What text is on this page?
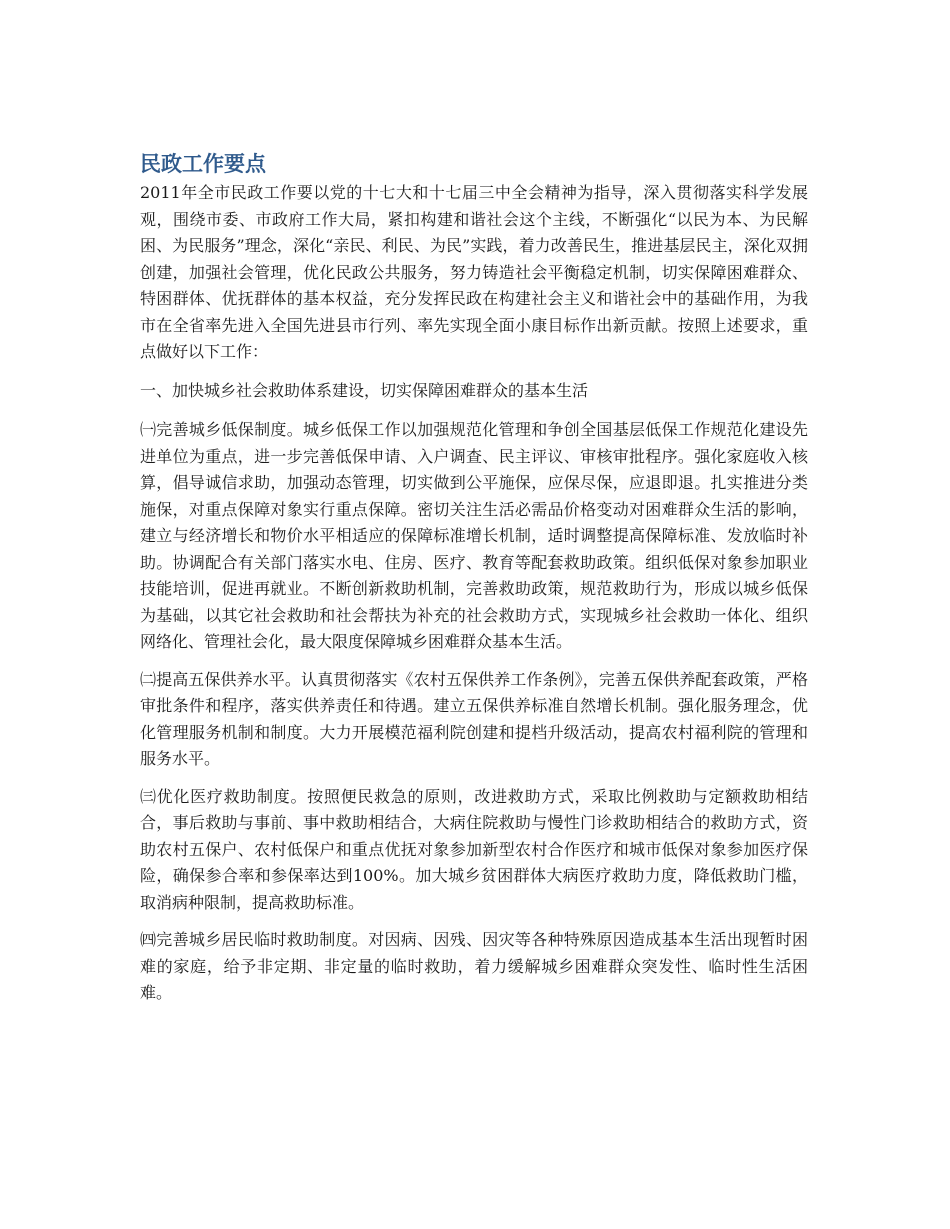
民政工作要点

2011年全市民政工作要以党的十七大和十七届三中全会精神为指导，深入贯彻落实科学发展观，围绕市委、市政府工作大局，紧扣构建和谐社会这个主线，不断强化“以民为本、为民解困、为民服务”理念，深化“亲民、利民、为民”实践，着力改善民生，推进基层民主，深化双拥创建，加强社会管理，优化民政公共服务，努力铸造社会平衡稳定机制，切实保障困难群众、特困群体、优抚群体的基本权益，充分发挥民政在构建社会主义和谐社会中的基础作用，为我市在全省率先进入全国先进县市行列、率先实现全面小康目标作出新贡献。按照上述要求，重点做好以下工作：

一、加快城乡社会救助体系建设，切实保障困难群众的基本生活

㈠完善城乡低保制度。城乡低保工作以加强规范化管理和争创全国基层低保工作规范化建设先进单位为重点，进一步完善低保申请、入户调查、民主评议、审核审批程序。强化家庭收入核算，倡导诚信求助，加强动态管理，切实做到公平施保，应保尽保，应退即退。扎实推进分类施保，对重点保障对象实行重点保障。密切关注生活必需品价格变动对困难群众生活的影响，建立与经济增长和物价水平相适应的保障标准增长机制，适时调整提高保障标准、发放临时补助。协调配合有关部门落实水电、住房、医疗、教育等配套救助政策。组织低保对象参加职业技能培训，促进再就业。不断创新救助机制，完善救助政策，规范救助行为，形成以城乡低保为基础，以其它社会救助和社会帮扶为补充的社会救助方式，实现城乡社会救助一体化、组织网络化、管理社会化，最大限度保障城乡困难群众基本生活。

㈡提高五保供养水平。认真贯彻落实《农村五保供养工作条例》，完善五保供养配套政策，严格审批条件和程序，落实供养责任和待遇。建立五保供养标准自然增长机制。强化服务理念，优化管理服务机制和制度。大力开展模范福利院创建和提档升级活动，提高农村福利院的管理和服务水平。

㈢优化医疗救助制度。按照便民救急的原则，改进救助方式，采取比例救助与定额救助相结合，事后救助与事前、事中救助相结合，大病住院救助与慢性门诊救助相结合的救助方式，资助农村五保户、农村低保户和重点优抚对象参加新型农村合作医疗和城市低保对象参加医疗保险，确保参合率和参保率达到100%。加大城乡贫困群体大病医疗救助力度，降低救助门槛，取消病种限制，提高救助标准。

㈣完善城乡居民临时救助制度。对因病、因残、因灾等各种特殊原因造成基本生活出现暂时困难的家庭，给予非定期、非定量的临时救助，着力缓解城乡困难群众突发性、临时性生活困难。
